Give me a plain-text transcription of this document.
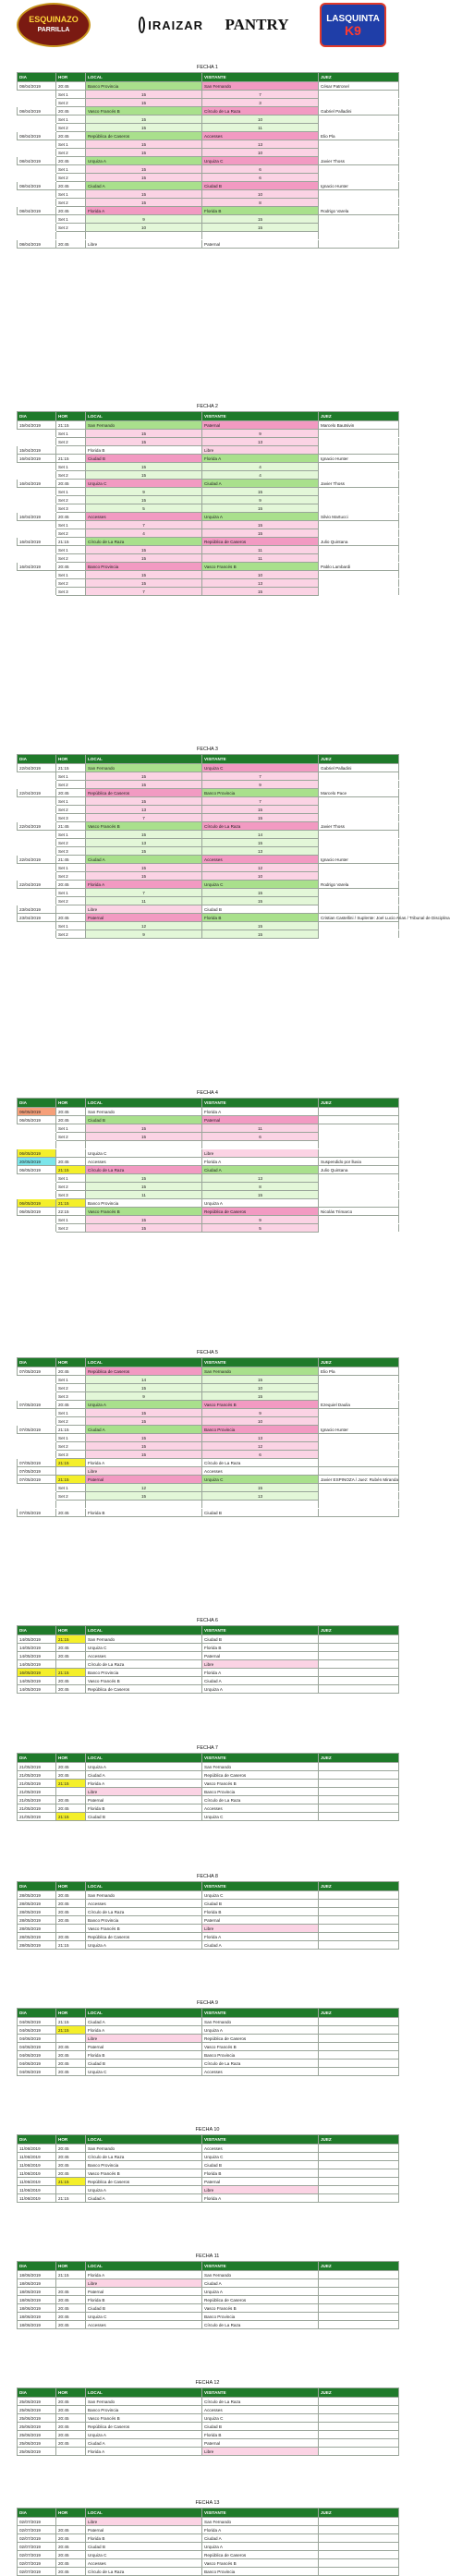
ESQUINAZO
PARRILLA	IRAIZAR PANTRY	LASQUINTA
K9
FECHA 1
DIA	HOR	LOCAL	VISITANTE	JUEZ
08/04/2019	20:45	Banco Provincia	San Fernando	César Patronel
	Set 1	15	7	
	Set 2	15	3	
08/04/2019	20:45	Vasco Francés B	Círculo de La Raza	Gabriel Palladini
	Set 1	15	10	
	Set 2	15	11	
08/04/2019	20:45	República de Caseros	Accesses	Elio Pla
	Set 1	15	13	
	Set 2	15	10	
08/04/2019	20:45	Urquiza A	Urquiza C	Javier Thoss
	Set 1	15	6	
	Set 2	15	6	
08/04/2019	20:45	Ciudad A	Ciudad B	Ignacio Hunter
	Set 1	15	10	
	Set 2	15	8	
08/04/2019	20:45	Florida A	Florida B	Rodrigo Varela
	Set 1	9	15	
	Set 2	10	15	

08/04/2019	20:45	Libre	Paternal	
FECHA 2
DIA	HOR	LOCAL	VISITANTE	JUEZ
15/04/2019	21:15	San Fernando	Paternal	Marcelo Bautsivin
	Set 1	15	9	
	Set 2	15	13	
15/04/2019		Florida B	Libre	
16/04/2019	21:15	Ciudad B	Florida A	Ignacio Hunter
	Set 1	15	4	
	Set 2	15	4	
16/04/2019	20:45	Urquiza C	Ciudad A	Javier Thoss
	Set 1	9	15	
	Set 2	15	9	
	Set 3	5	15	
16/04/2019	20:45	Accesses	Urquiza A	Silvio Martucci
	Set 1	7	15	
	Set 2	4	15	
16/04/2019	21:15	Círculo de La Raza	República de Caseros	Julio Quintana
	Set 1	15	11	
	Set 2	15	11	
16/04/2019	20:45	Banco Provincia	Vasco Francés B	Pablo Lambardi
	Set 1	15	10	
	Set 2	15	13	
	Set 3	7	15	
FECHA 3
DIA	HOR	LOCAL	VISITANTE	JUEZ
22/04/2019	21:15	San Fernando	Urquiza C	Gabriel Palladini
	Set 1	15	7	
	Set 2	15	9	
22/04/2019	20:45	República de Caseros	Banco Provincia	Marcelo Pace
	Set 1	15	7	
	Set 2	13	15	
	Set 3	7	15	
22/04/2019	21:45	Vasco Francés B	Círculo de La Raza	Javier Thoss
	Set 1	15	14	
	Set 2	13	15	
	Set 3	15	13	
22/04/2019	21:45	Ciudad A	Accesses	Ignacio Hunter
	Set 1	15	12	
	Set 2	15	10	
22/04/2019	20:45	Florida A	Urquiza C	Rodrigo Varela
	Set 1	7	15	
	Set 2	11	15	
23/04/2019		Libre	Ciudad B	
23/04/2019	20:45	Paternal	Florida B	Cristian Castellini / Suplente: Joel Lucio Arias / Tribunal de Disciplina
	Set 1	12	15	
	Set 2	9	15	
FECHA 4
DIA	HOR	LOCAL	VISITANTE	JUEZ
06/05/2019	20:45	San Fernando	Florida A	
06/05/2019	20:45	Ciudad B	Paternal	
	Set 1	15	11	
	Set 2	15	6	

06/05/2019		Urquiza C	Libre	
20/05/2019	20:45	Accesses	Florida A	Suspendido por lluvia
06/05/2019	21:15	Círculo de La Raza	Ciudad A	Julio Quintana
	Set 1	15	13	
	Set 2	15	8	
	Set 3	11	15	
06/05/2019	21:15	Banco Provincia	Urquiza A	
06/05/2019	22:15	Vasco Francés B	República de Caseros	Nicolás Trimarco
	Set 1	15	9	
	Set 2	15	5	
FECHA 5
DIA	HOR	LOCAL	VISITANTE	JUEZ
07/05/2019	20:45	República de Caseros	San Fernando	Elio Pla
	Set 1	14	15	
	Set 2	15	10	
	Set 3	9	15	
07/05/2019	20:45	Urquiza A	Vasco Francés B	Ezequiel Daulia
	Set 1	15	9	
	Set 2	15	10	
07/05/2019	21:15	Ciudad A	Banco Provincia	Ignacio Hunter
	Set 1	15	13	
	Set 2	15	12	
	Set 3	15	6	
07/05/2019	21:15	Florida A	Círculo de La Raza	
07/05/2019		Libre	Accesses	
07/05/2019	21:15	Paternal	Urquiza C	Javier ESPINOZA / Juez: Rubén Miranda
	Set 1	12	15	
	Set 2	15	13	

07/05/2019	20:45	Florida B	Ciudad B	
FECHA 6
DIA	HOR	LOCAL	VISITANTE	JUEZ
14/05/2019	21:15	San Fernando	Ciudad B	
14/05/2019	20:45	Urquiza C	Florida B	
14/05/2019	20:45	Accesses	Paternal	
14/05/2019		Círculo de La Raza	Libre	
16/05/2019	21:15	Banco Provincia	Florida A	
14/05/2019	20:45	Vasco Francés B	Ciudad A	
14/05/2019	20:45	República de Caseros	Urquiza A	
FECHA 7
DIA	HOR	LOCAL	VISITANTE	JUEZ
21/05/2019	20:45	Urquiza A	San Fernando	
21/05/2019	20:45	Ciudad A	República de Caseros	
21/05/2019	21:15	Florida A	Vasco Francés B	
21/05/2019		Libre	Banco Provincia	
21/05/2019	20:45	Paternal	Círculo de La Raza	
21/05/2019	20:45	Florida B	Accesses	
21/05/2019	21:15	Ciudad B	Urquiza C	
FECHA 8
DIA	HOR	LOCAL	VISITANTE	JUEZ
28/05/2019	20:45	San Fernando	Urquiza C	
28/05/2019	20:45	Accesses	Ciudad B	
28/05/2019	20:45	Círculo de La Raza	Florida B	
28/05/2019	20:45	Banco Provincia	Paternal	
28/05/2019		Vasco Francés B	Libre	
28/05/2019	20:45	República de Caseros	Florida A	
28/05/2019	21:15	Urquiza A	Ciudad A	
FECHA 9
DIA	HOR	LOCAL	VISITANTE	JUEZ
04/06/2019	21:15	Ciudad A	San Fernando	
04/06/2019	21:15	Florida A	Urquiza A	
04/06/2019		Libre	República de Caseros	
04/06/2019	20:45	Paternal	Vasco Francés B	
04/06/2019	20:45	Florida B	Banco Provincia	
04/06/2019	20:45	Ciudad B	Círculo de La Raza	
04/06/2019	20:45	Urquiza C	Accesses	
FECHA 10
DIA	HOR	LOCAL	VISITANTE	JUEZ
11/06/2019	20:45	San Fernando	Accesses	
11/06/2019	20:45	Círculo de La Raza	Urquiza C	
11/06/2019	20:45	Banco Provincia	Ciudad B	
11/06/2019	20:45	Vasco Francés B	Florida B	
11/06/2019	21:15	República de Caseros	Paternal	
11/06/2019		Urquiza A	Libre	
11/06/2019	21:15	Ciudad A	Florida A	
FECHA 11
DIA	HOR	LOCAL	VISITANTE	JUEZ
18/06/2019	21:15	Florida A	San Fernando	
18/06/2019		Libre	Ciudad A	
18/06/2019	20:45	Paternal	Urquiza A	
18/06/2019	20:45	Florida B	República de Caseros	
18/06/2019	20:45	Ciudad B	Vasco Francés B	
18/06/2019	20:45	Urquiza C	Banco Provincia	
18/06/2019	20:45	Accesses	Círculo de La Raza	
FECHA 12
DIA	HOR	LOCAL	VISITANTE	JUEZ
25/06/2019	20:45	San Fernando	Círculo de La Raza	
25/06/2019	20:45	Banco Provincia	Accesses	
25/06/2019	20:45	Vasco Francés B	Urquiza C	
25/06/2019	20:45	República de Caseros	Ciudad B	
25/06/2019	20:45	Urquiza A	Florida B	
25/06/2019	20:45	Ciudad A	Paternal	
25/06/2019		Florida A	Libre	
FECHA 13
DIA	HOR	LOCAL	VISITANTE	JUEZ
02/07/2019		Libre	San Fernando	
02/07/2019	20:45	Paternal	Florida A	
02/07/2019	20:45	Florida B	Ciudad A	
02/07/2019	20:45	Ciudad B	Urquiza A	
02/07/2019	20:45	Urquiza C	República de Caseros	
02/07/2019	20:45	Accesses	Vasco Francés B	
02/07/2019	20:45	Círculo de La Raza	Banco Provincia	
